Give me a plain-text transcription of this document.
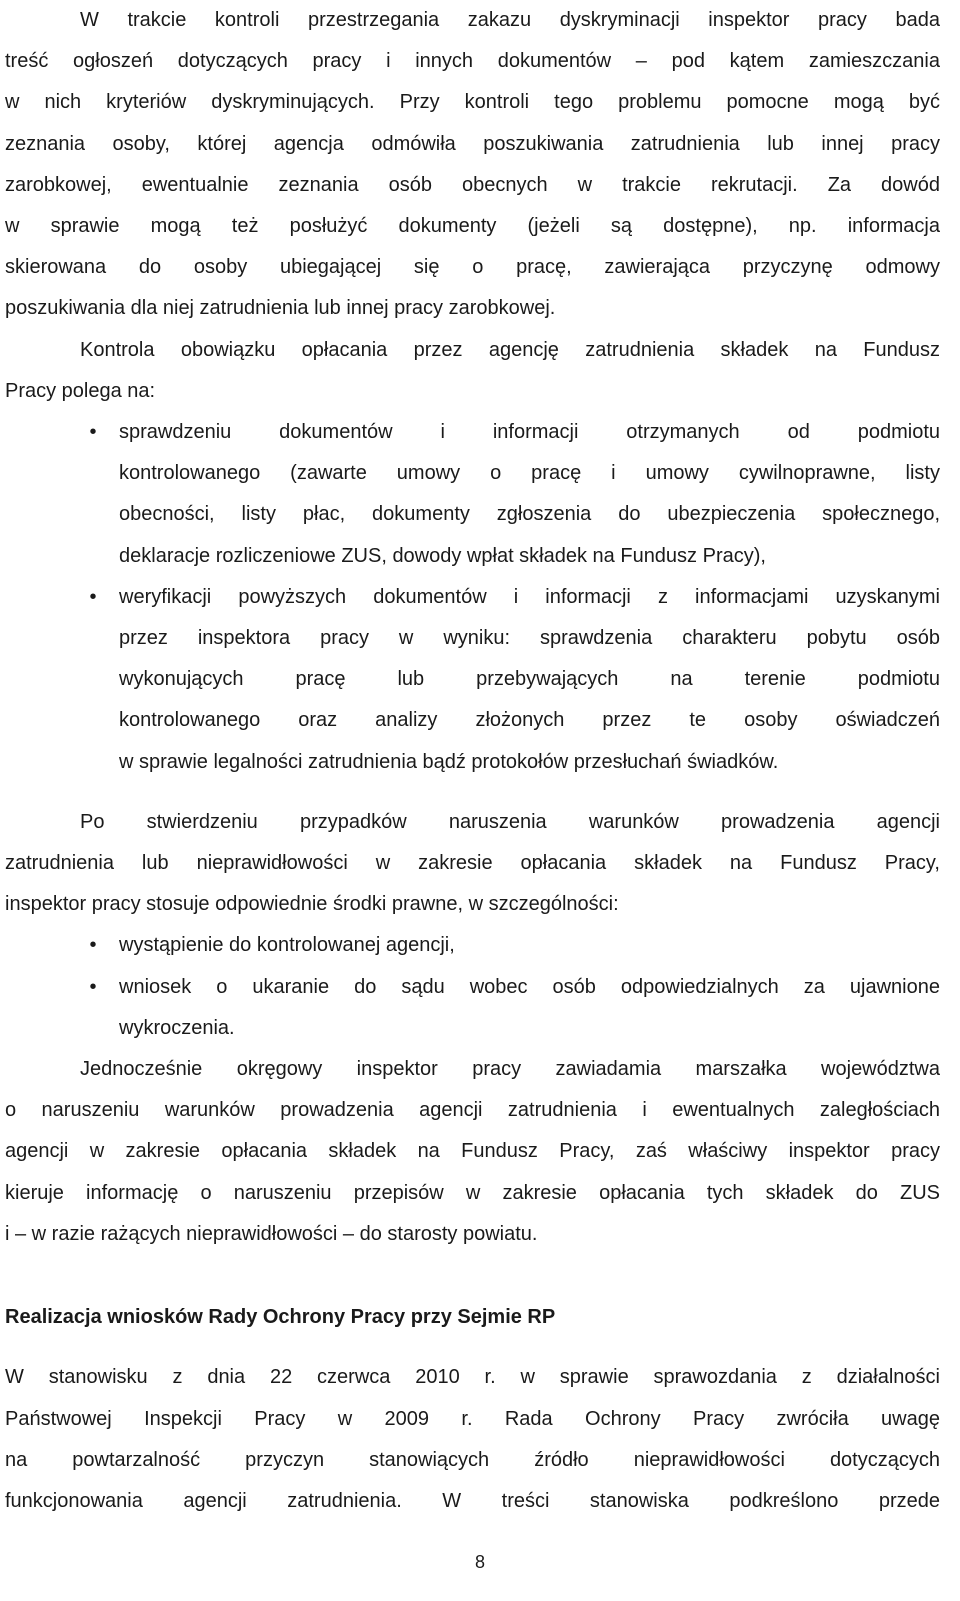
W trakcie kontroli przestrzegania zakazu dyskryminacji inspektor pracy bada
treść ogłoszeń dotyczących pracy i innych dokumentów – pod kątem zamieszczania
w nich kryteriów dyskryminujących. Przy kontroli tego problemu pomocne mogą być
zeznania osoby, której agencja odmówiła poszukiwania zatrudnienia lub innej pracy
zarobkowej, ewentualnie zeznania osób obecnych w trakcie rekrutacji. Za dowód
w sprawie mogą też posłużyć dokumenty (jeżeli są dostępne), np. informacja
skierowana do osoby ubiegającej się o pracę, zawierająca przyczynę odmowy
poszukiwania dla niej zatrudnienia lub innej pracy zarobkowej.
Kontrola obowiązku opłacania przez agencję zatrudnienia składek na Fundusz
Pracy polega na:
•	sprawdzeniu dokumentów i informacji otrzymanych od podmiotu
kontrolowanego (zawarte umowy o pracę i umowy cywilnoprawne, listy
obecności, listy płac, dokumenty zgłoszenia do ubezpieczenia społecznego,
deklaracje rozliczeniowe ZUS, dowody wpłat składek na Fundusz Pracy),
•	weryfikacji powyższych dokumentów i informacji z informacjami uzyskanymi
przez inspektora pracy w wyniku: sprawdzenia charakteru pobytu osób
wykonujących pracę lub przebywających na terenie podmiotu
kontrolowanego oraz analizy złożonych przez te osoby oświadczeń
w sprawie legalności zatrudnienia bądź protokołów przesłuchań świadków.
Po stwierdzeniu przypadków naruszenia warunków prowadzenia agencji
zatrudnienia lub nieprawidłowości w zakresie opłacania składek na Fundusz Pracy,
inspektor pracy stosuje odpowiednie środki prawne, w szczególności:
•	wystąpienie do kontrolowanej agencji,
•	wniosek o ukaranie do sądu wobec osób odpowiedzialnych za ujawnione
wykroczenia.
Jednocześnie okręgowy inspektor pracy zawiadamia marszałka województwa
o naruszeniu warunków prowadzenia agencji zatrudnienia i ewentualnych zaległościach
agencji w zakresie opłacania składek na Fundusz Pracy, zaś właściwy inspektor pracy
kieruje informację o naruszeniu przepisów w zakresie opłacania tych składek do ZUS
i – w razie rażących nieprawidłowości – do starosty powiatu.
Realizacja wniosków Rady Ochrony Pracy przy Sejmie RP
W stanowisku z dnia 22 czerwca 2010 r. w sprawie sprawozdania z działalności
Państwowej Inspekcji Pracy w 2009 r. Rada Ochrony Pracy zwróciła uwagę
na powtarzalność przyczyn stanowiących źródło nieprawidłowości dotyczących
funkcjonowania agencji zatrudnienia. W treści stanowiska podkreślono przede
8
